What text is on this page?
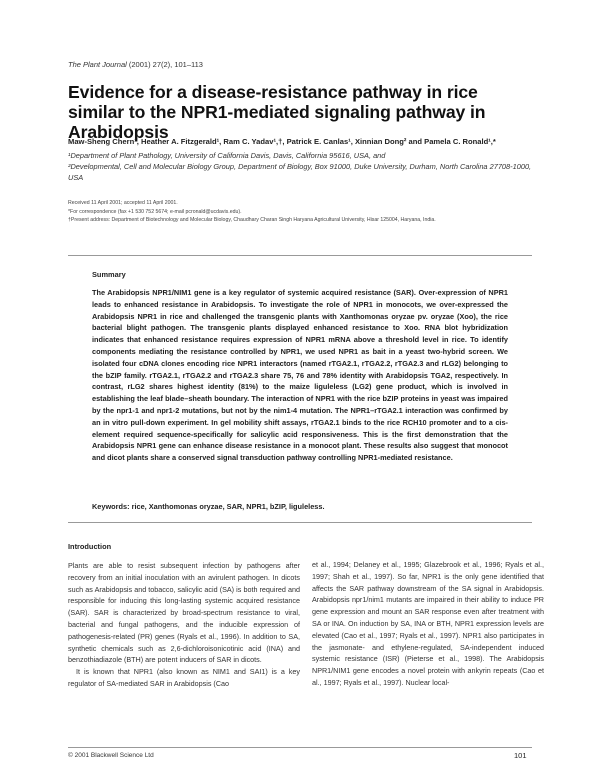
The Plant Journal (2001) 27(2), 101–113
Evidence for a disease-resistance pathway in rice similar to the NPR1-mediated signaling pathway in Arabidopsis
Maw-Sheng Chern¹, Heather A. Fitzgerald¹, Ram C. Yadav¹,†, Patrick E. Canlas¹, Xinnian Dong² and Pamela C. Ronald¹,*
¹Department of Plant Pathology, University of California Davis, Davis, California 95616, USA, and
²Developmental, Cell and Molecular Biology Group, Department of Biology, Box 91000, Duke University, Durham, North Carolina 27708-1000, USA
Received 11 April 2001; accepted 11 April 2001.
*For correspondence (fax +1 530 752 5674; e-mail pcronald@ucdavis.edu).
†Present address: Department of Biotechnology and Molecular Biology, Chaudhary Charan Singh Haryana Agricultural University, Hisar 125004, Haryana, India.
Summary
The Arabidopsis NPR1/NIM1 gene is a key regulator of systemic acquired resistance (SAR). Over-expression of NPR1 leads to enhanced resistance in Arabidopsis. To investigate the role of NPR1 in monocots, we over-expressed the Arabidopsis NPR1 in rice and challenged the transgenic plants with Xanthomonas oryzae pv. oryzae (Xoo), the rice bacterial blight pathogen. The transgenic plants displayed enhanced resistance to Xoo. RNA blot hybridization indicates that enhanced resistance requires expression of NPR1 mRNA above a threshold level in rice. To identify components mediating the resistance controlled by NPR1, we used NPR1 as bait in a yeast two-hybrid screen. We isolated four cDNA clones encoding rice NPR1 interactors (named rTGA2.1, rTGA2.2, rTGA2.3 and rLG2) belonging to the bZIP family. rTGA2.1, rTGA2.2 and rTGA2.3 share 75, 76 and 78% identity with Arabidopsis TGA2, respectively. In contrast, rLG2 shares highest identity (81%) to the maize liguleless (LG2) gene product, which is involved in establishing the leaf blade–sheath boundary. The interaction of NPR1 with the rice bZIP proteins in yeast was impaired by the npr1-1 and npr1-2 mutations, but not by the nim1-4 mutation. The NPR1–rTGA2.1 interaction was confirmed by an in vitro pull-down experiment. In gel mobility shift assays, rTGA2.1 binds to the rice RCH10 promoter and to a cis-element required sequence-specifically for salicylic acid responsiveness. This is the first demonstration that the Arabidopsis NPR1 gene can enhance disease resistance in a monocot plant. These results also suggest that monocot and dicot plants share a conserved signal transduction pathway controlling NPR1-mediated resistance.
Keywords: rice, Xanthomonas oryzae, SAR, NPR1, bZIP, liguleless.
Introduction

Plants are able to resist subsequent infection by pathogens after recovery from an initial inoculation with an avirulent pathogen. In dicots such as Arabidopsis and tobacco, salicylic acid (SA) is both required and responsible for inducing this long-lasting systemic acquired resistance (SAR). SAR is characterized by broad-spectrum resistance to viral, bacterial and fungal pathogens, and the inducible expression of pathogenesis-related (PR) genes (Ryals et al., 1996). In addition to SA, synthetic chemicals such as 2,6-dichloroisonicotinic acid (INA) and benzothiadiazole (BTH) are potent inducers of SAR in dicots.

It is known that NPR1 (also known as NIM1 and SAI1) is a key regulator of SA-mediated SAR in Arabidopsis (Cao

et al., 1994; Delaney et al., 1995; Glazebrook et al., 1996; Ryals et al., 1997; Shah et al., 1997). So far, NPR1 is the only gene identified that affects the SAR pathway downstream of the SA signal in Arabidopsis. Arabidopsis npr1/nim1 mutants are impaired in their ability to induce PR gene expression and mount an SAR response even after treatment with SA or INA. On induction by SA, INA or BTH, NPR1 expression levels are elevated (Cao et al., 1997; Ryals et al., 1997). NPR1 also participates in the jasmonate- and ethylene-regulated, SA-independent induced systemic resistance (ISR) (Pieterse et al., 1998). The Arabidopsis NPR1/NIM1 gene encodes a novel protein with ankyrin repeats (Cao et al., 1997; Ryals et al., 1997). Nuclear local-

© 2001 Blackwell Science Ltd	101
